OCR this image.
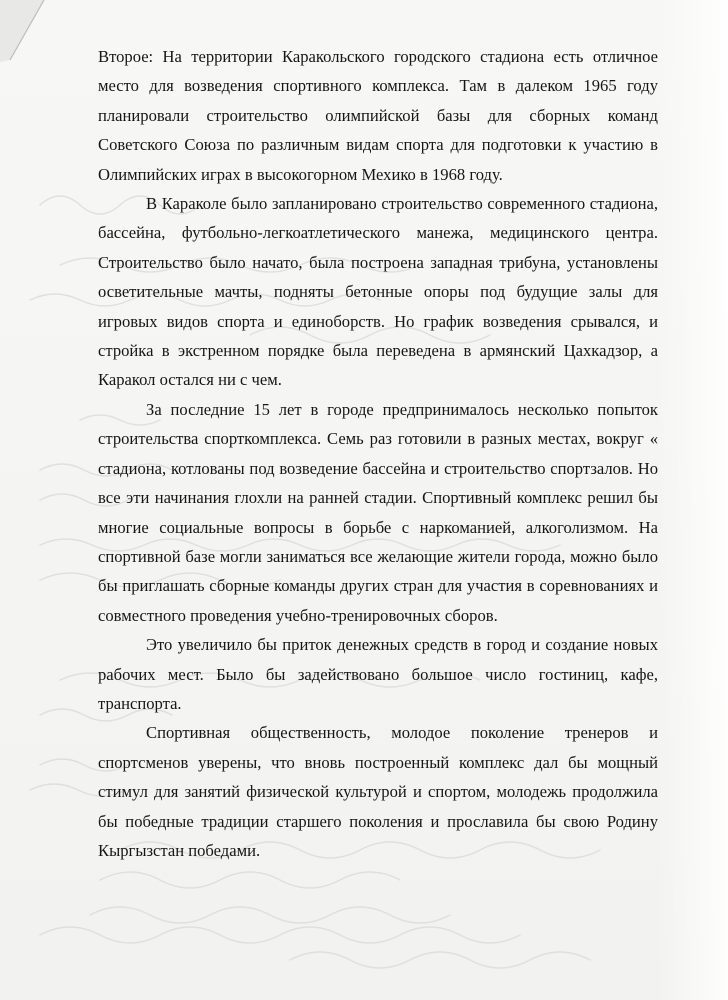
Второе: На территории Каракольского городского стадиона есть отличное место для возведения спортивного комплекса. Там в далеком 1965 году планировали строительство олимпийской базы для сборных команд Советского Союза по различным видам спорта для подготовки к участию в Олимпийских играх в высокогорном Мехико в 1968 году.

В Караколе было запланировано строительство современного стадиона, бассейна, футбольно-легкоатлетического манежа, медицинского центра. Строительство было начато, была построена западная трибуна, установлены осветительные мачты, подняты бетонные опоры под будущие залы для игровых видов спорта и единоборств. Но график возведения срывался, и стройка в экстренном порядке была переведена в армянский Цахкадзор, а Каракол остался ни с чем.

За последние 15 лет в городе предпринималось несколько попыток строительства спорткомплекса. Семь раз готовили в разных местах, вокруг « стадиона, котлованы под возведение бассейна и строительство спортзалов. Но все эти начинания глохли на ранней стадии. Спортивный комплекс решил бы многие социальные вопросы в борьбе с наркоманией, алкоголизмом. На спортивной базе могли заниматься все желающие жители города, можно было бы приглашать сборные команды других стран для участия в соревнованиях и совместного проведения учебно-тренировочных сборов.

Это увеличило бы приток денежных средств в город и создание новых рабочих мест. Было бы задействовано большое число гостиниц, кафе, транспорта.

Спортивная общественность, молодое поколение тренеров и спортсменов уверены, что вновь построенный комплекс дал бы мощный стимул для занятий физической культурой и спортом, молодежь продолжила бы победные традиции старшего поколения и прославила бы свою Родину Кыргызстан победами.
